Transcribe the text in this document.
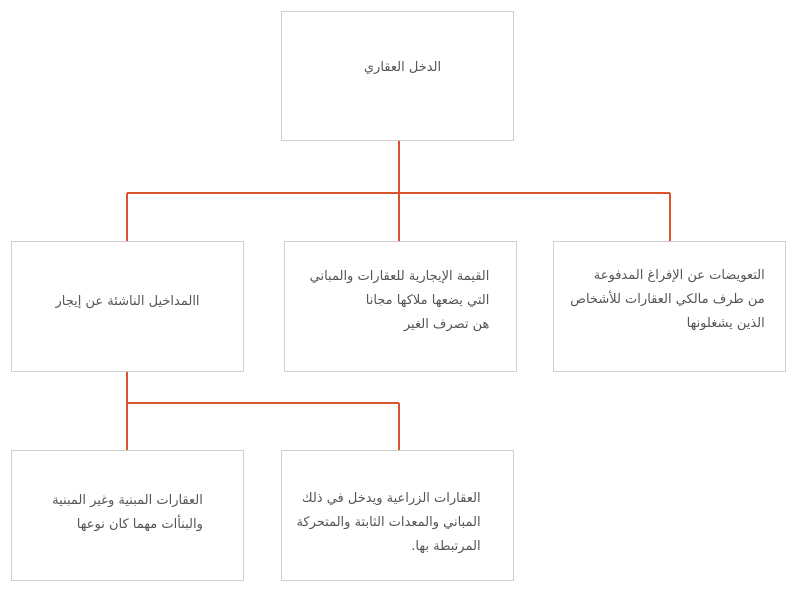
الدخل العقاري
التعويضات عن الإفراغ المدفوعة
من طرف مالكي العقارات للأشخاص
الذين يشغلونها
القيمة الإيجارية للعقارات والمباني
التي يضعها ملاكها مجانا
هن تصرف الغير
االمداخيل الناشئة عن إيجار
العقارات الزراعية ويدخل في ذلك
المباني والمعدات الثابتة والمتحركة
المرتبطة بها.
العقارات المبنية وغير المبنية
والبنأات مهما كان نوعها
